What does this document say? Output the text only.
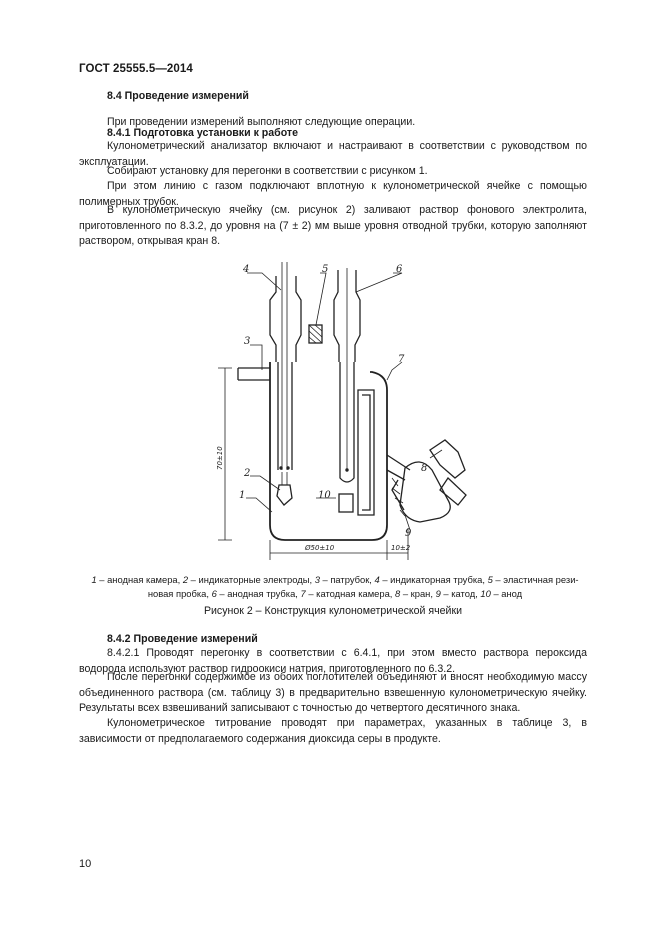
ГОСТ 25555.5—2014
8.4 Проведение измерений
При проведении измерений выполняют следующие операции.
8.4.1 Подготовка установки к работе
Кулонометрический анализатор включают и настраивают в соответствии с руководством по эксплуатации.
Собирают установку для перегонки в соответствии с рисунком 1.
При этом линию с газом подключают вплотную к кулонометрической ячейке с помощью полимерных трубок.
В кулонометрическую ячейку (см. рисунок 2) заливают раствор фонового электролита, приготовленного по 8.3.2, до уровня на (7 ± 2) мм выше уровня отводной трубки, которую заполняют раствором, открывая кран 8.
70±10
Ø50±10	10±2
4	5	6
3
7
2
1
8
9
10
1 – анодная камера, 2 – индикаторные электроды, 3 – патрубок, 4 – индикаторная трубка, 5 – эластичная рези-
новая пробка, 6 – анодная трубка, 7 – катодная камера, 8 – кран, 9 – катод, 10 – анод
Рисунок 2 – Конструкция кулонометрической ячейки
8.4.2 Проведение измерений
8.4.2.1 Проводят перегонку в соответствии с 6.4.1, при этом вместо раствора пероксида водорода используют раствор гидроокиси натрия, приготовленного по 6.3.2.
После перегонки содержимое из обоих поглотителей объединяют и вносят необходимую массу объединенного раствора (см. таблицу 3) в предварительно взвешенную кулонометрическую ячейку. Результаты всех взвешиваний записывают с точностью до четвертого десятичного знака.
Кулонометрическое титрование проводят при параметрах, указанных в таблице 3, в зависимости от предполагаемого содержания диоксида серы в продукте.
10
